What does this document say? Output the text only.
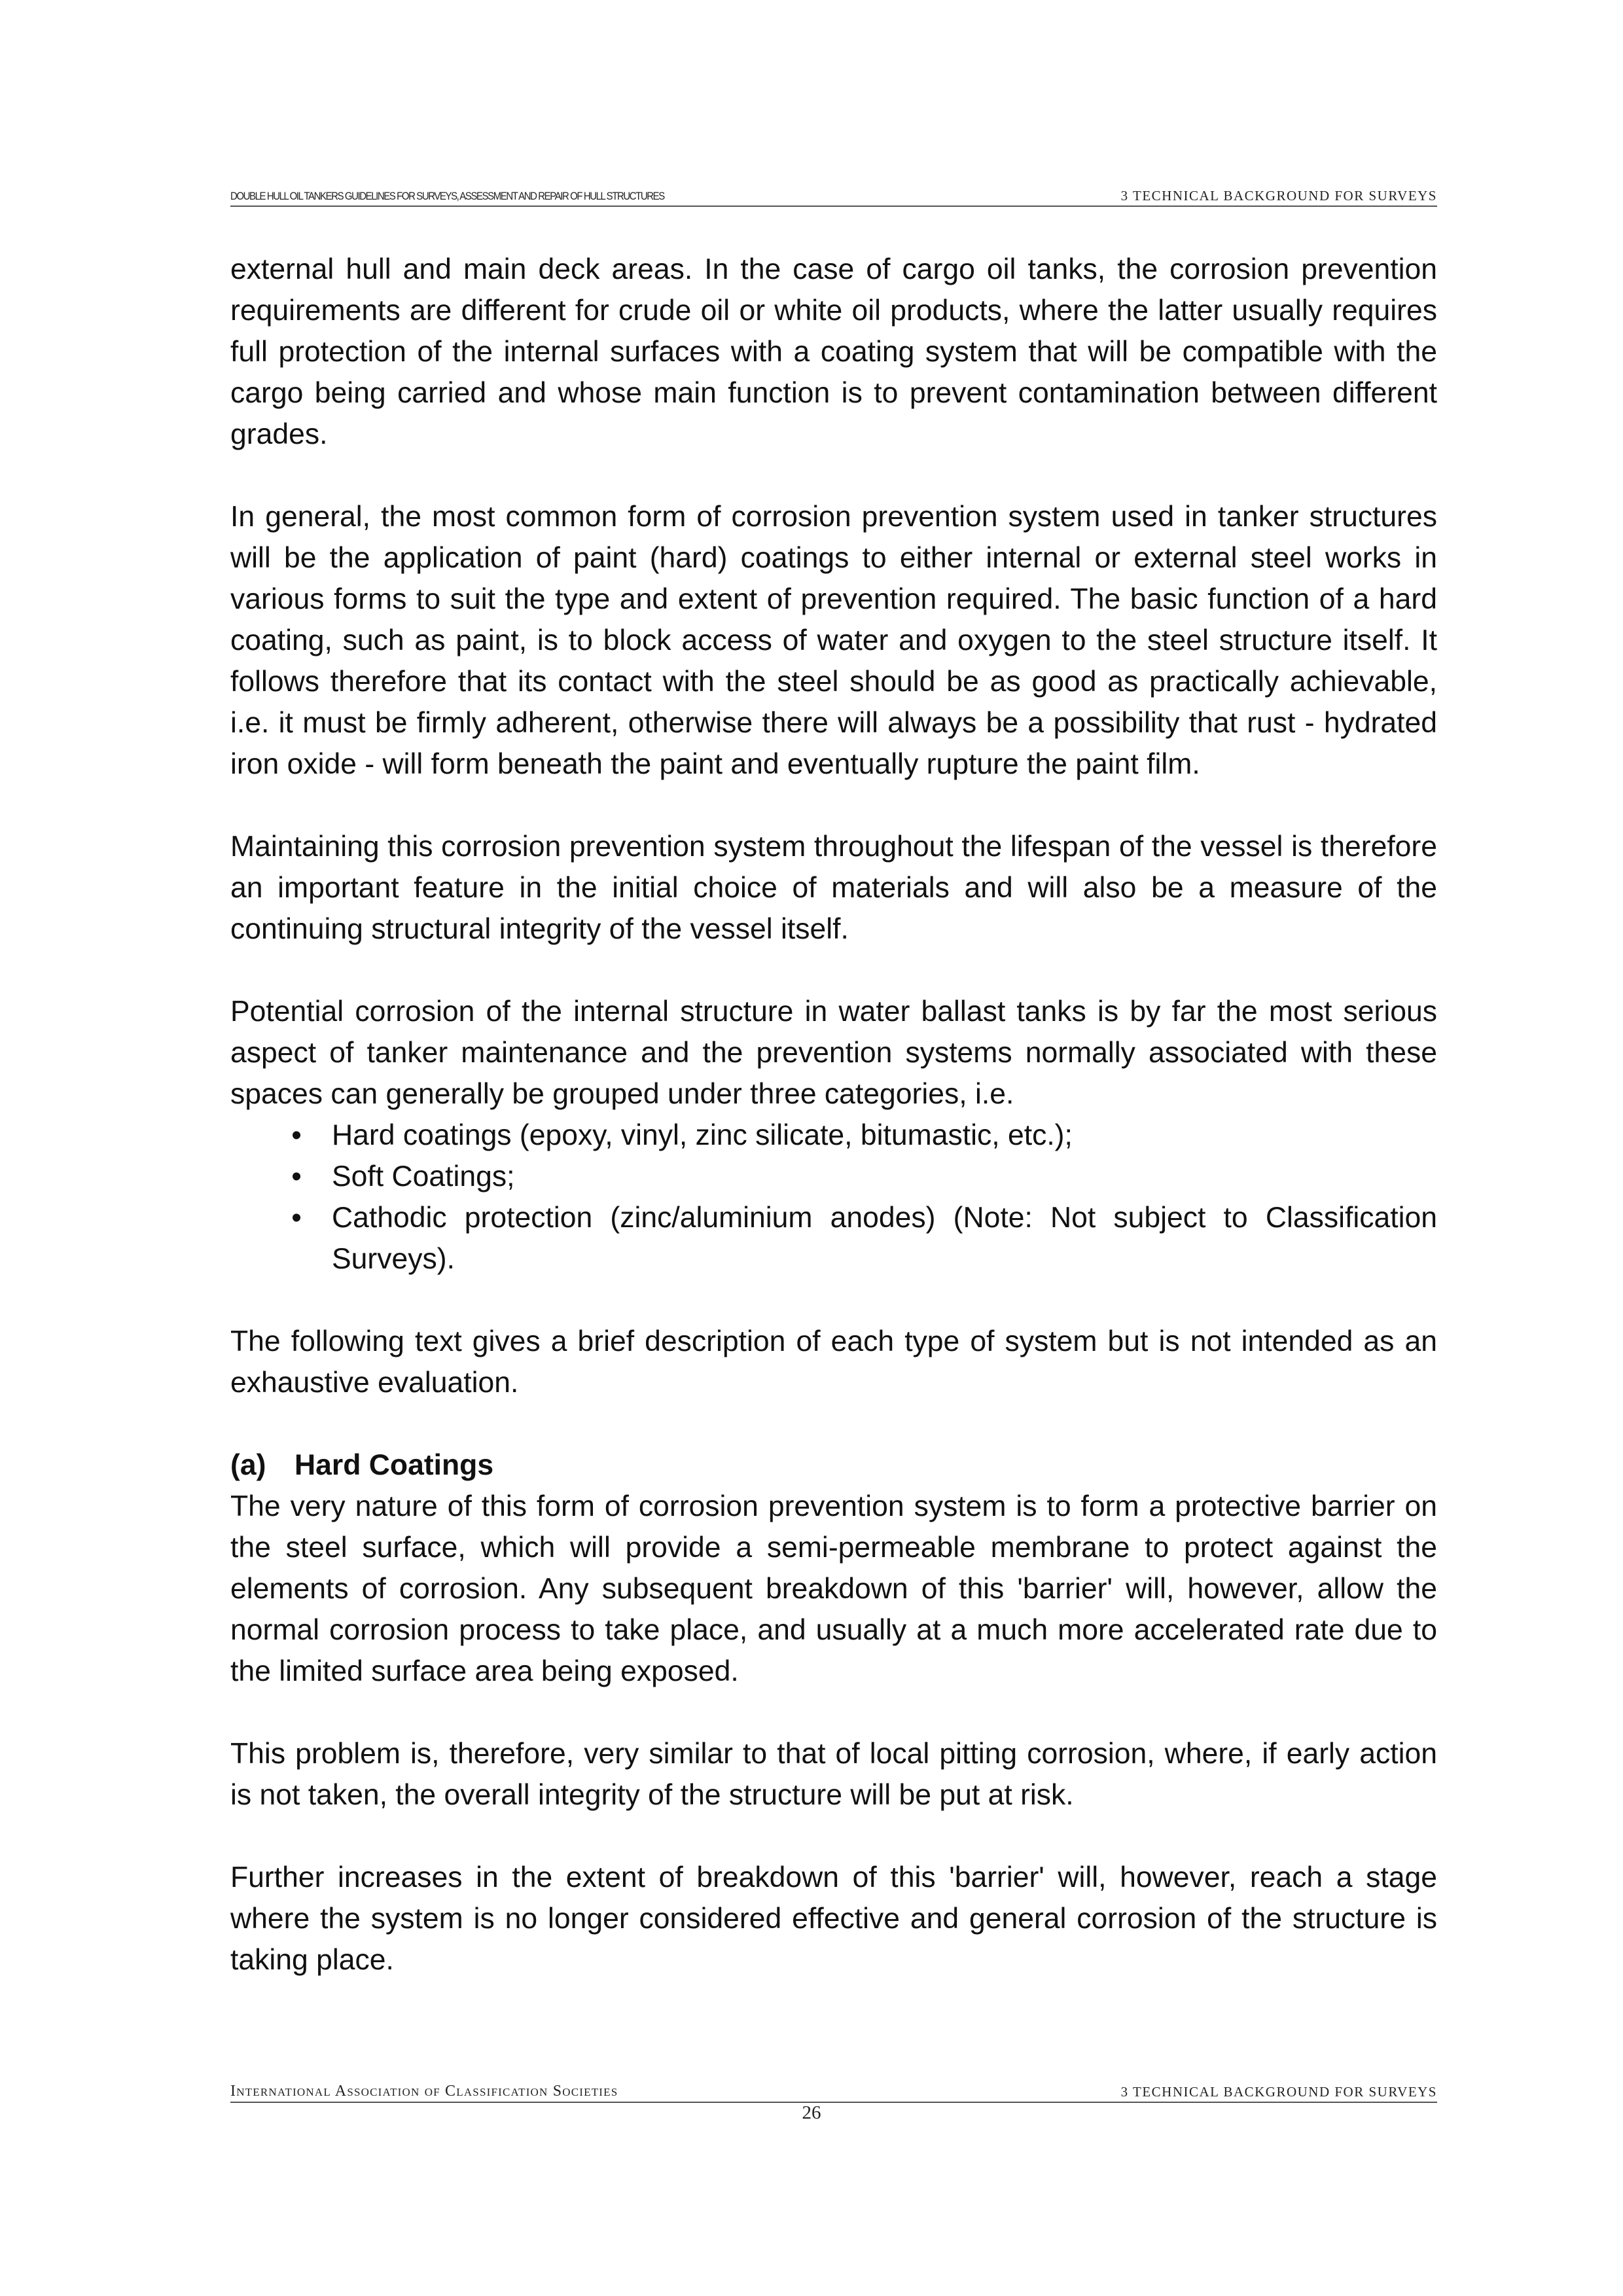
DOUBLE HULL OIL TANKERS GUIDELINES FOR SURVEYS, ASSESSMENT AND REPAIR OF HULL STRUCTURES	3 TECHNICAL BACKGROUND FOR SURVEYS

external hull and main deck areas. In the case of cargo oil tanks, the corrosion prevention requirements are different for crude oil or white oil products, where the latter usually requires full protection of the internal surfaces with a coating system that will be compatible with the cargo being carried and whose main function is to prevent contamination between different grades.

In general, the most common form of corrosion prevention system used in tanker structures will be the application of paint (hard) coatings to either internal or external steel works in various forms to suit the type and extent of prevention required. The basic function of a hard coating, such as paint, is to block access of water and oxygen to the steel structure itself. It follows therefore that its contact with the steel should be as good as practically achievable, i.e. it must be firmly adherent, otherwise there will always be a possibility that rust - hydrated iron oxide - will form beneath the paint and eventually rupture the paint film.

Maintaining this corrosion prevention system throughout the lifespan of the vessel is therefore an important feature in the initial choice of materials and will also be a measure of the continuing structural integrity of the vessel itself.

Potential corrosion of the internal structure in water ballast tanks is by far the most serious aspect of tanker maintenance and the prevention systems normally associated with these spaces can generally be grouped under three categories, i.e.

• Hard coatings (epoxy, vinyl, zinc silicate, bitumastic, etc.);
• Soft Coatings;
• Cathodic protection (zinc/aluminium anodes) (Note: Not subject to Classification Surveys).

The following text gives a brief description of each type of system but is not intended as an exhaustive evaluation.

(a) Hard Coatings

The very nature of this form of corrosion prevention system is to form a protective barrier on the steel surface, which will provide a semi-permeable membrane to protect against the elements of corrosion. Any subsequent breakdown of this 'barrier' will, however, allow the normal corrosion process to take place, and usually at a much more accelerated rate due to the limited surface area being exposed.

This problem is, therefore, very similar to that of local pitting corrosion, where, if early action is not taken, the overall integrity of the structure will be put at risk.

Further increases in the extent of breakdown of this 'barrier' will, however, reach a stage where the system is no longer considered effective and general corrosion of the structure is taking place.

International Association of Classification Societies	3 TECHNICAL BACKGROUND FOR SURVEYS
26
